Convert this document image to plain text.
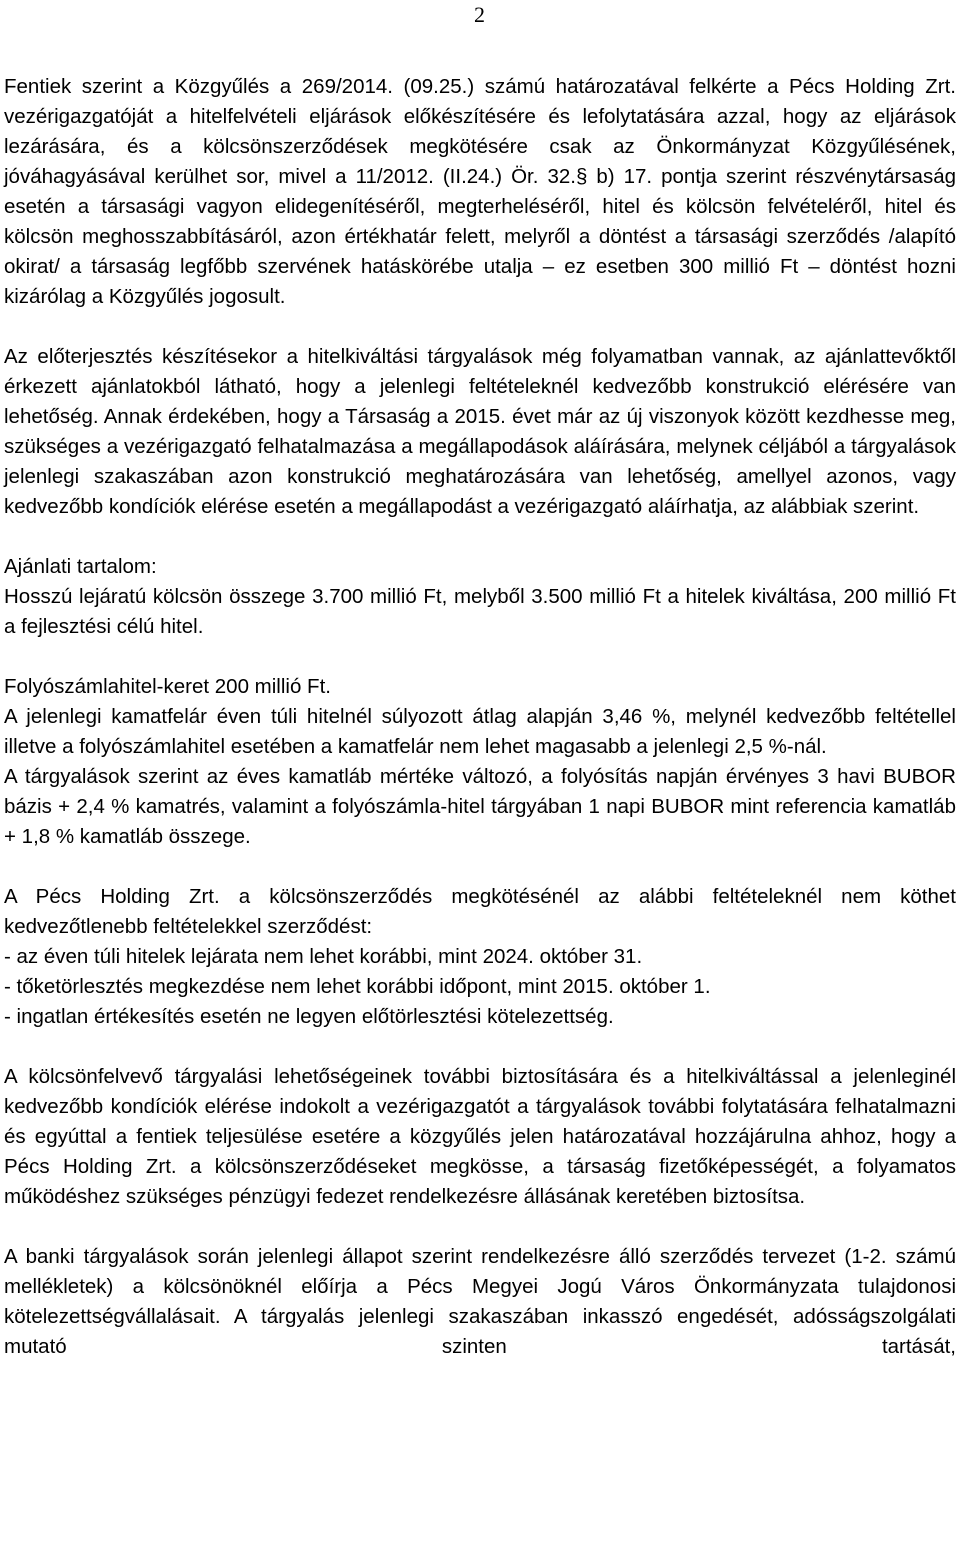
2

Fentiek szerint a Közgyűlés a 269/2014. (09.25.) számú határozatával felkérte a Pécs Holding Zrt. vezérigazgatóját a hitelfelvételi eljárások előkészítésére és lefolytatására azzal, hogy az eljárások lezárására, és a kölcsönszerződések megkötésére csak az Önkormányzat Közgyűlésének, jóváhagyásával kerülhet sor, mivel a 11/2012. (II.24.) Ör. 32.§ b) 17. pontja szerint részvénytársaság esetén a társasági vagyon elidegenítéséről, megterheléséről, hitel és kölcsön felvételéről, hitel és kölcsön meghosszabbításáról, azon értékhatár felett, melyről a döntést a társasági szerződés /alapító okirat/ a társaság legfőbb szervének hatáskörébe utalja – ez esetben 300 millió Ft – döntést hozni kizárólag a Közgyűlés jogosult.

Az előterjesztés készítésekor a hitelkiváltási tárgyalások még folyamatban vannak, az ajánlattevőktől érkezett ajánlatokból látható, hogy a jelenlegi feltételeknél kedvezőbb konstrukció elérésére van lehetőség. Annak érdekében, hogy a Társaság a 2015. évet már az új viszonyok között kezdhesse meg, szükséges a vezérigazgató felhatalmazása a megállapodások aláírására, melynek céljából a tárgyalások jelenlegi szakaszában azon konstrukció meghatározására van lehetőség, amellyel azonos, vagy kedvezőbb kondíciók elérése esetén a megállapodást a vezérigazgató aláírhatja, az alábbiak szerint.

Ajánlati tartalom:

Hosszú lejáratú kölcsön összege 3.700 millió Ft, melyből 3.500 millió Ft a hitelek kiváltása, 200 millió Ft a fejlesztési célú hitel.

Folyószámlahitel-keret 200 millió Ft.

A jelenlegi kamatfelár éven túli hitelnél súlyozott átlag alapján 3,46 %, melynél kedvezőbb feltétellel illetve a folyószámlahitel esetében a kamatfelár nem lehet magasabb a jelenlegi 2,5 %-nál.

A tárgyalások szerint az éves kamatláb mértéke változó, a folyósítás napján érvényes 3 havi BUBOR bázis + 2,4 % kamatrés, valamint a folyószámla-hitel tárgyában 1 napi BUBOR mint referencia kamatláb + 1,8 % kamatláb összege.

A Pécs Holding Zrt. a kölcsönszerződés megkötésénél az alábbi feltételeknél nem köthet kedvezőtlenebb feltételekkel szerződést:

- az éven túli hitelek lejárata nem lehet korábbi, mint 2024. október 31.

- tőketörlesztés megkezdése nem lehet korábbi időpont, mint 2015. október 1.

- ingatlan értékesítés esetén ne legyen előtörlesztési kötelezettség.

A kölcsönfelvevő tárgyalási lehetőségeinek további biztosítására és a hitelkiváltással a jelenleginél kedvezőbb kondíciók elérése indokolt a vezérigazgatót a tárgyalások további folytatására felhatalmazni és egyúttal a fentiek teljesülése esetére a közgyűlés jelen határozatával hozzájárulna ahhoz, hogy a Pécs Holding Zrt. a kölcsönszerződéseket megkösse, a társaság fizetőképességét, a folyamatos működéshez szükséges pénzügyi fedezet rendelkezésre állásának keretében biztosítsa.

A banki tárgyalások során jelenlegi állapot szerint rendelkezésre álló szerződés tervezet (1-2. számú mellékletek) a kölcsönöknél előírja a Pécs Megyei Jogú Város Önkormányzata tulajdonosi kötelezettségvállalásait. A tárgyalás jelenlegi szakaszában inkasszó engedését, adósságszolgálati mutató szinten tartását,
